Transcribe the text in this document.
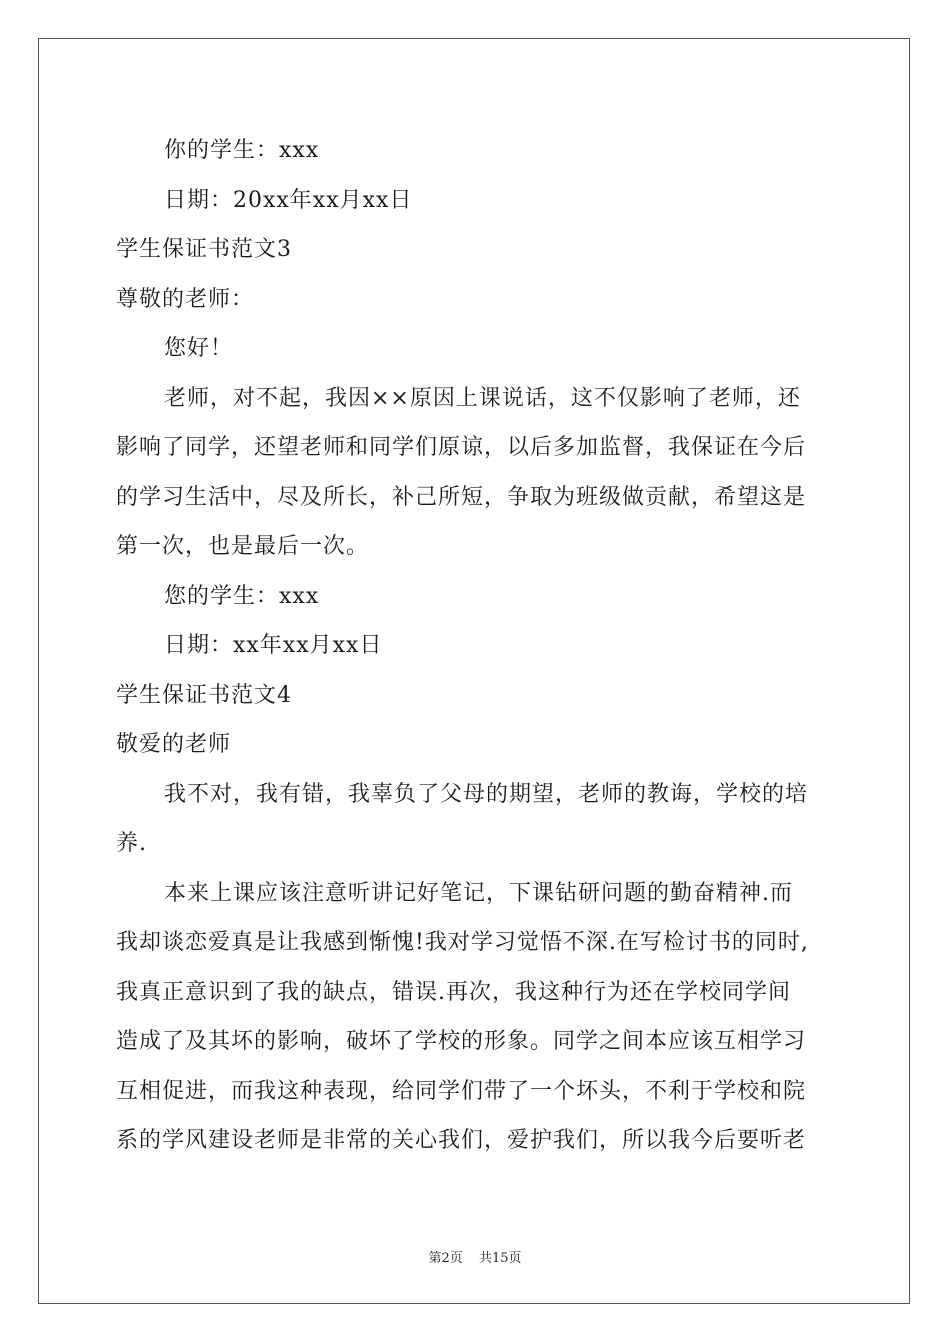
你的学生：xxx
日期：20xx年xx月xx日
学生保证书范文3
尊敬的老师：
您好！
老师，对不起，我因××原因上课说话，这不仅影响了老师，还
影响了同学，还望老师和同学们原谅，以后多加监督，我保证在今后
的学习生活中，尽及所长，补己所短，争取为班级做贡献，希望这是
第一次，也是最后一次。
您的学生：xxx
日期：xx年xx月xx日
学生保证书范文4
敬爱的老师
我不对，我有错，我辜负了父母的期望，老师的教诲，学校的培
养.
本来上课应该注意听讲记好笔记，下课钻研问题的勤奋精神.而
我却谈恋爱真是让我感到惭愧!我对学习觉悟不深.在写检讨书的同时,
我真正意识到了我的缺点，错误.再次，我这种行为还在学校同学间
造成了及其坏的影响，破坏了学校的形象。同学之间本应该互相学习
互相促进，而我这种表现，给同学们带了一个坏头，不利于学校和院
系的学风建设老师是非常的关心我们，爱护我们，所以我今后要听老
第2页 共15页
